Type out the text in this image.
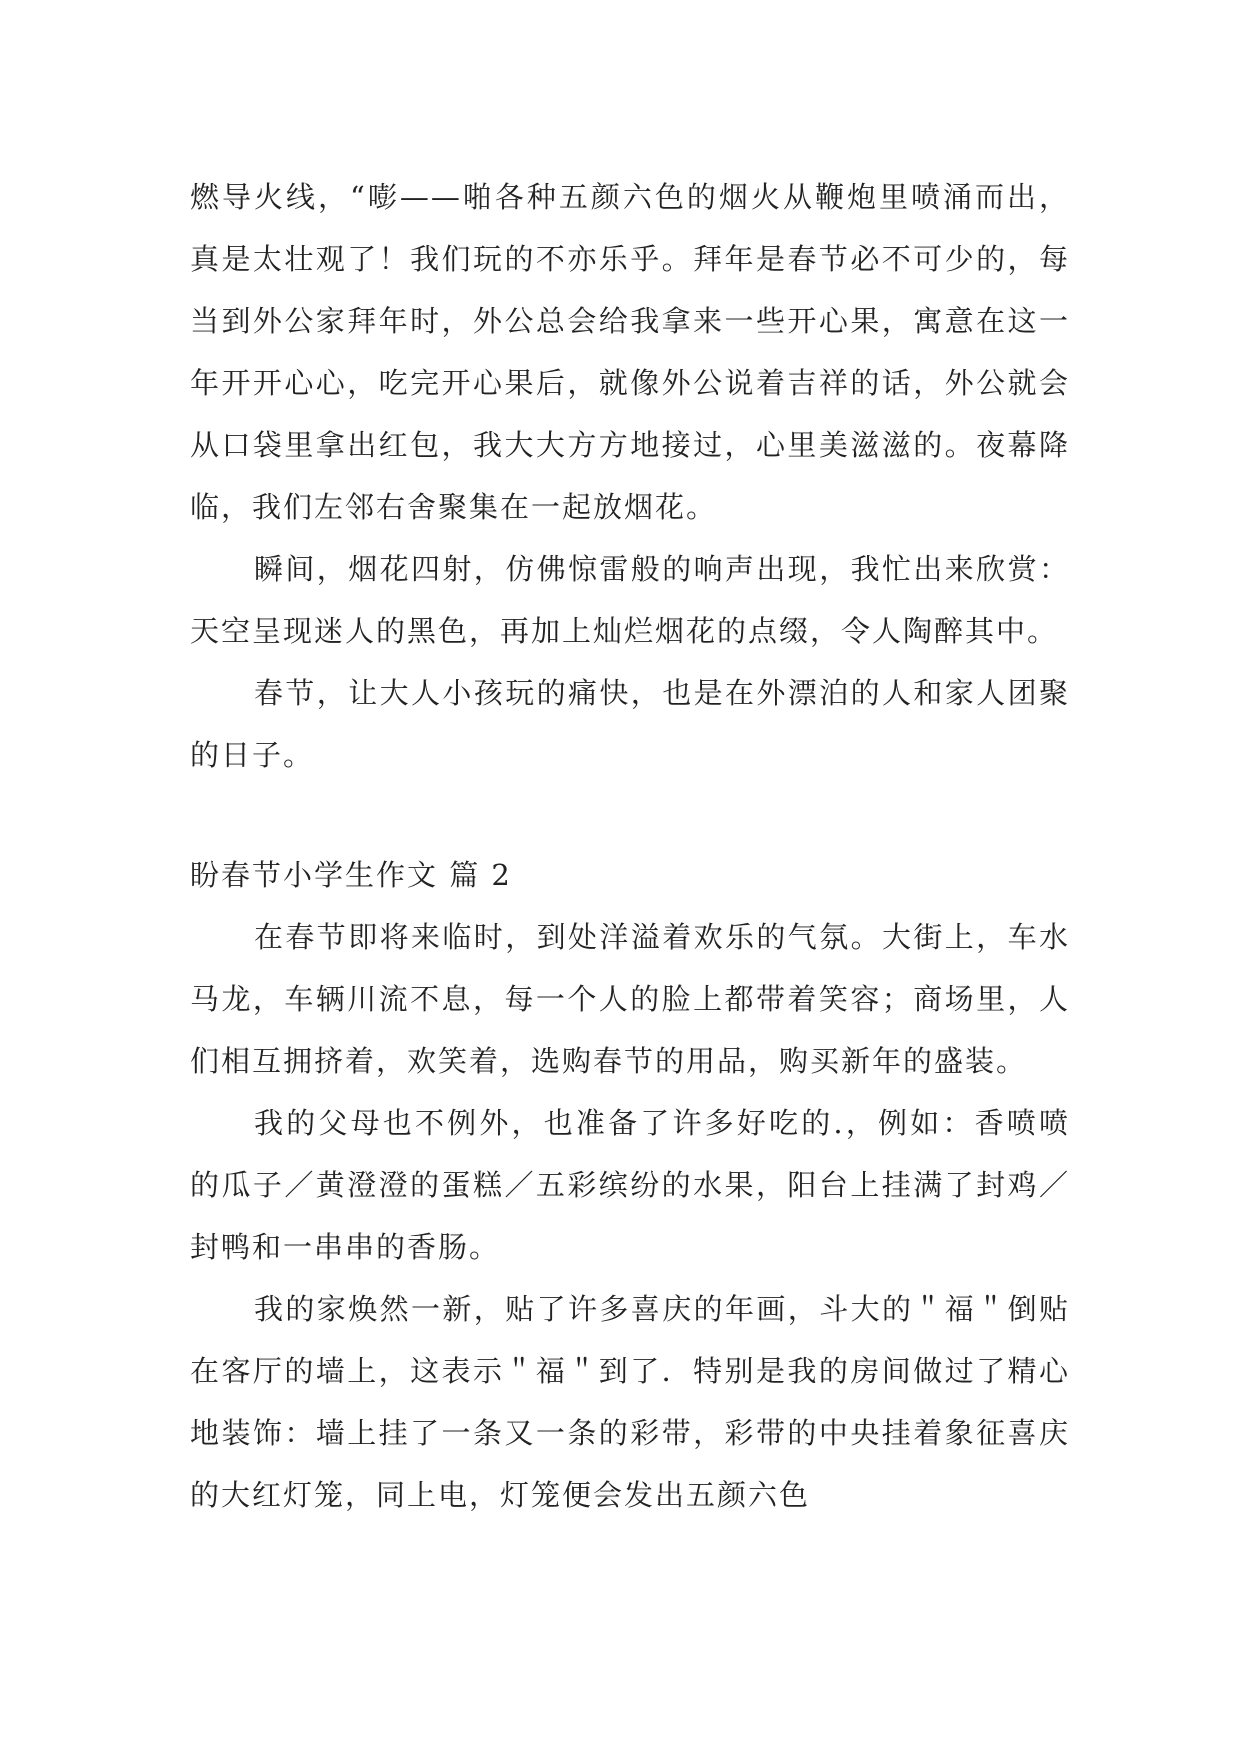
燃导火线，“嘭——啪各种五颜六色的烟火从鞭炮里喷涌而出，真是太壮观了！我们玩的不亦乐乎。拜年是春节必不可少的，每当到外公家拜年时，外公总会给我拿来一些开心果，寓意在这一年开开心心，吃完开心果后，就像外公说着吉祥的话，外公就会从口袋里拿出红包，我大大方方地接过，心里美滋滋的。夜幕降临，我们左邻右舍聚集在一起放烟花。

瞬间，烟花四射，仿佛惊雷般的响声出现，我忙出来欣赏：天空呈现迷人的黑色，再加上灿烂烟花的点缀，令人陶醉其中。

春节，让大人小孩玩的痛快，也是在外漂泊的人和家人团聚的日子。

盼春节小学生作文 篇 2

在春节即将来临时，到处洋溢着欢乐的气氛。大街上，车水马龙，车辆川流不息，每一个人的脸上都带着笑容；商场里，人们相互拥挤着，欢笑着，选购春节的用品，购买新年的盛装。

我的父母也不例外，也准备了许多好吃的.，例如：香喷喷的瓜子／黄澄澄的蛋糕／五彩缤纷的水果，阳台上挂满了封鸡／封鸭和一串串的香肠。

我的家焕然一新，贴了许多喜庆的年画，斗大的＂福＂倒贴在客厅的墙上，这表示＂福＂到了．特别是我的房间做过了精心地装饰：墙上挂了一条又一条的彩带，彩带的中央挂着象征喜庆的大红灯笼，同上电，灯笼便会发出五颜六色
